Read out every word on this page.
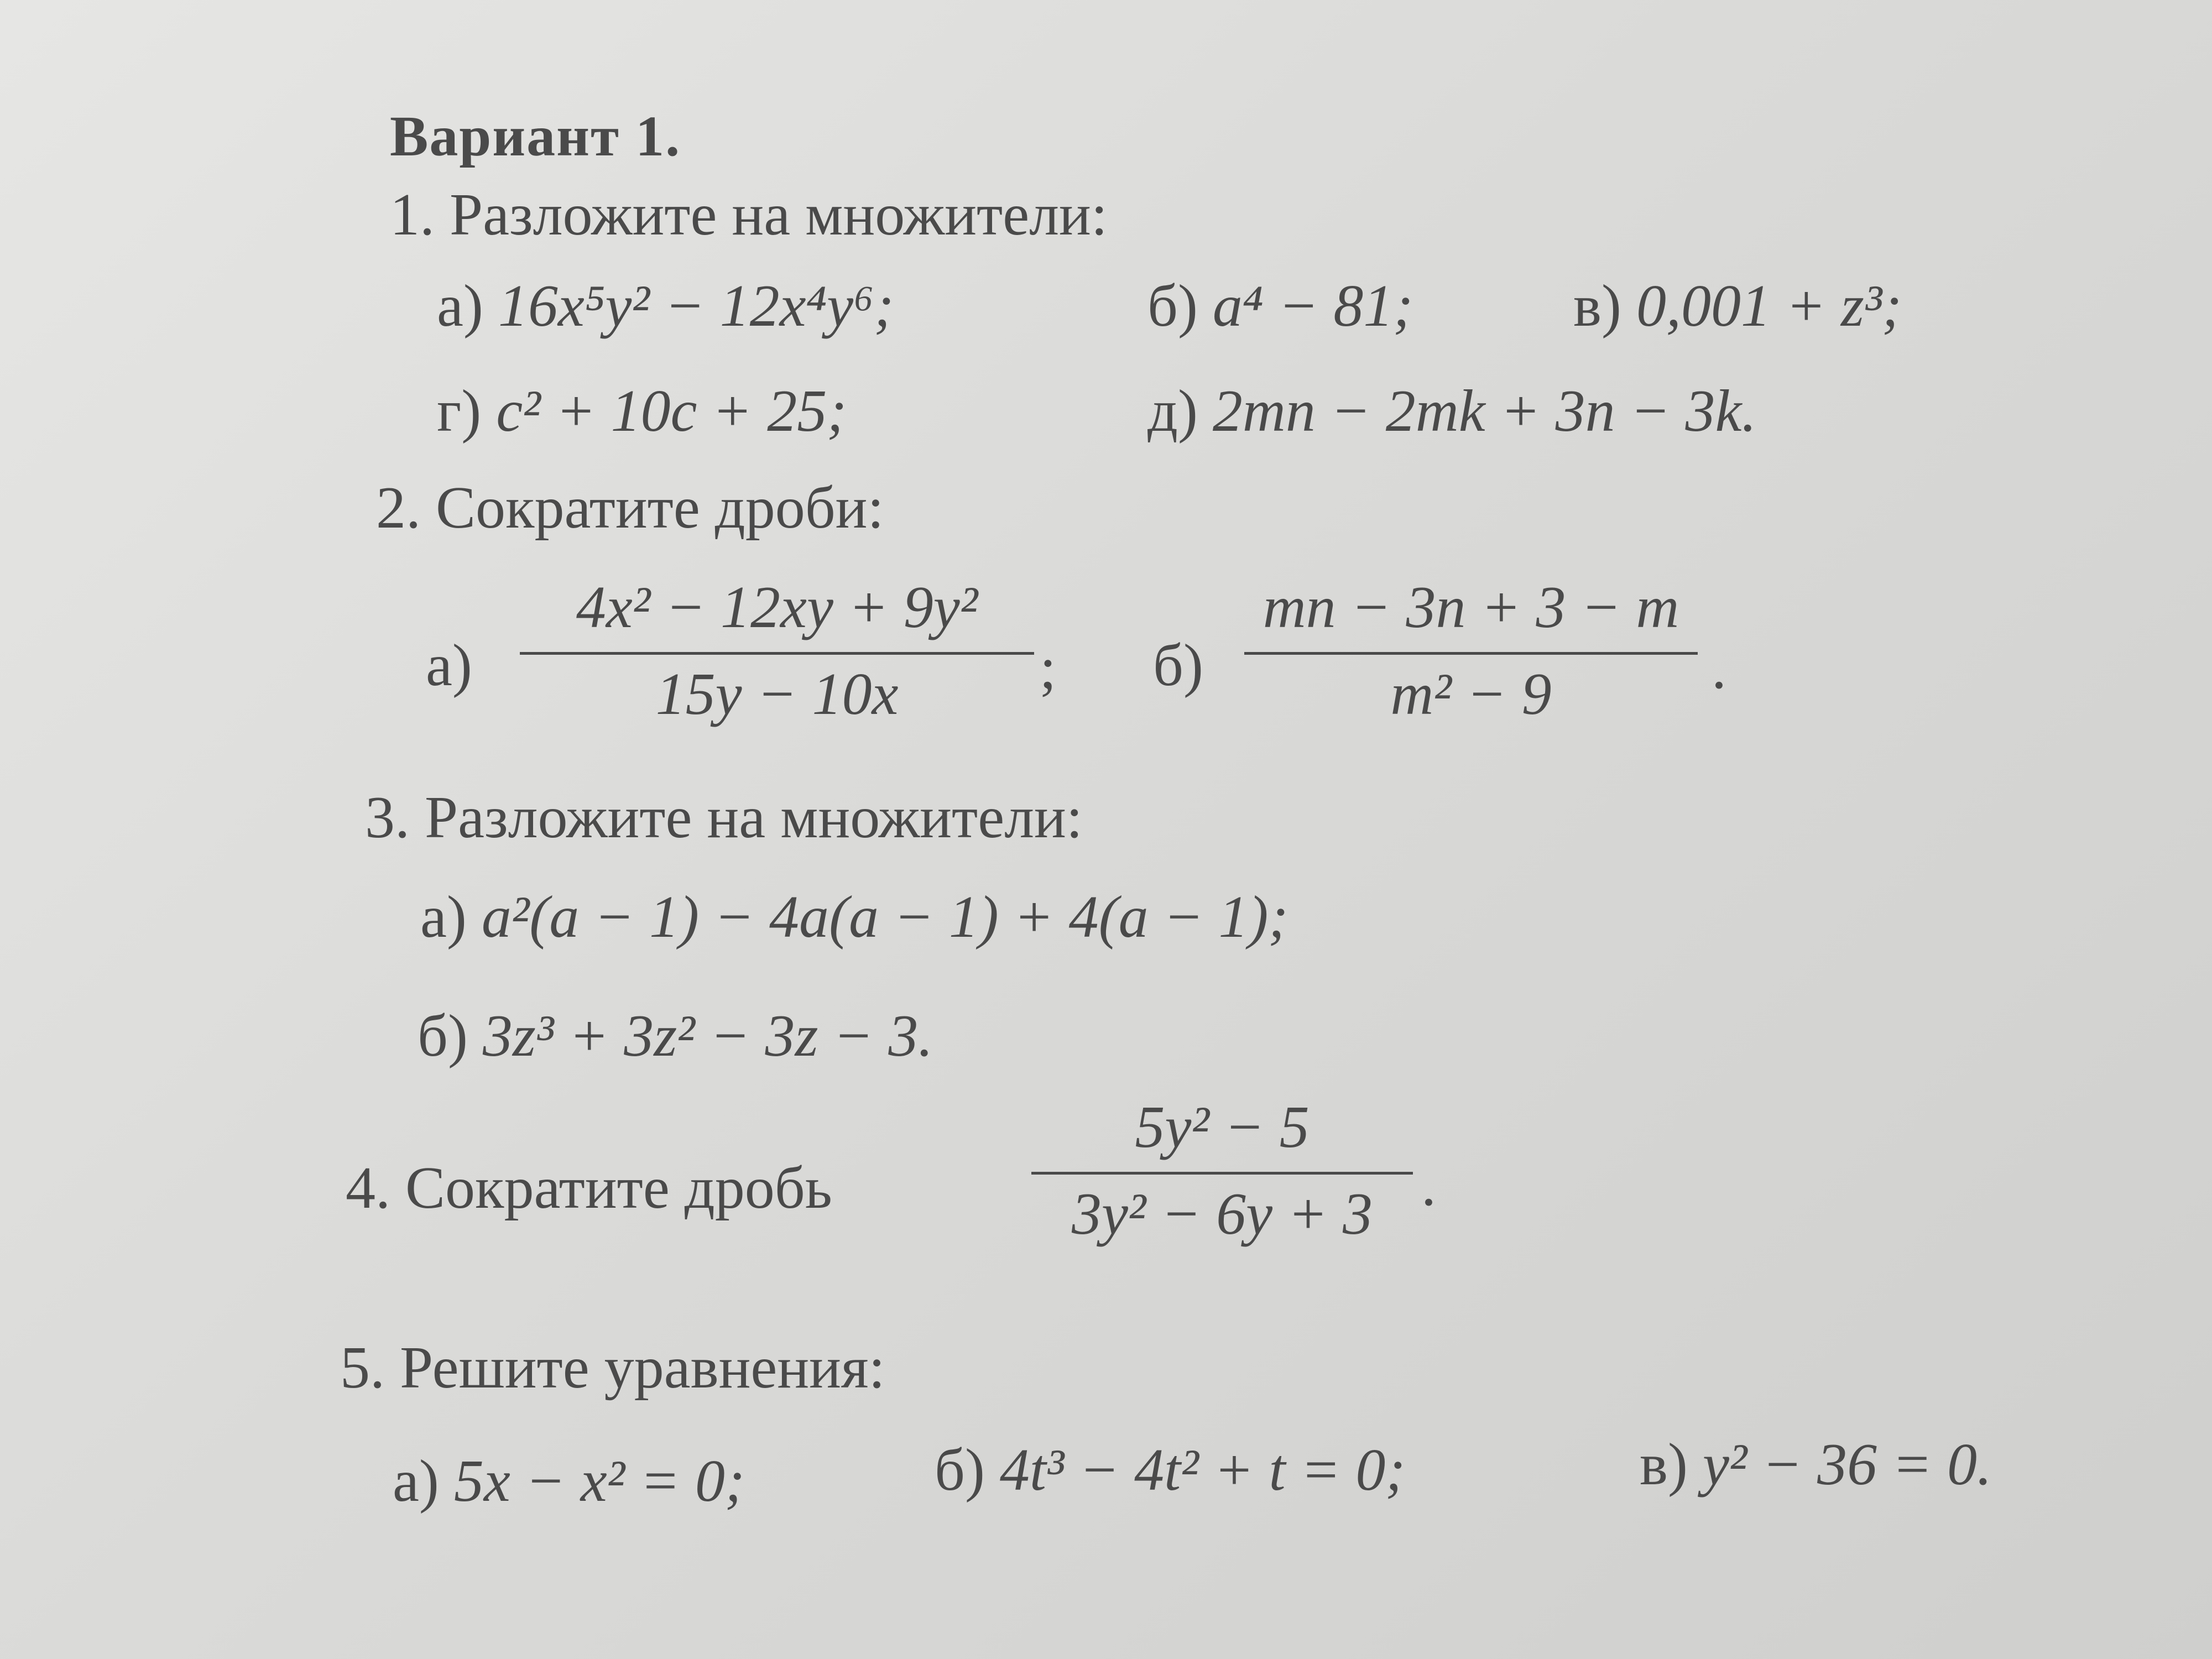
Вариант 1.
1. Разложите на множители:
а) 16x⁵y² − 12x⁴y⁶;	б) a⁴ − 81;	в) 0,001 + z³;
г) c² + 10c + 25;	д) 2mn − 2mk + 3n − 3k.
2. Сократите дроби:
а)
4x² − 12xy + 9y²
15y − 10x ; б)
mn − 3n + 3 − m
m² − 9	.
3. Разложите на множители:
а) a²(a − 1) − 4a(a − 1) + 4(a − 1);
б) 3z³ + 3z² − 3z − 3.
4. Сократите дробь
5y² − 5
3y² − 6y + 3 .
5. Решите уравнения:
а) 5x − x² = 0;	б) 4t³ − 4t² + t = 0;	в) y² − 36 = 0.
